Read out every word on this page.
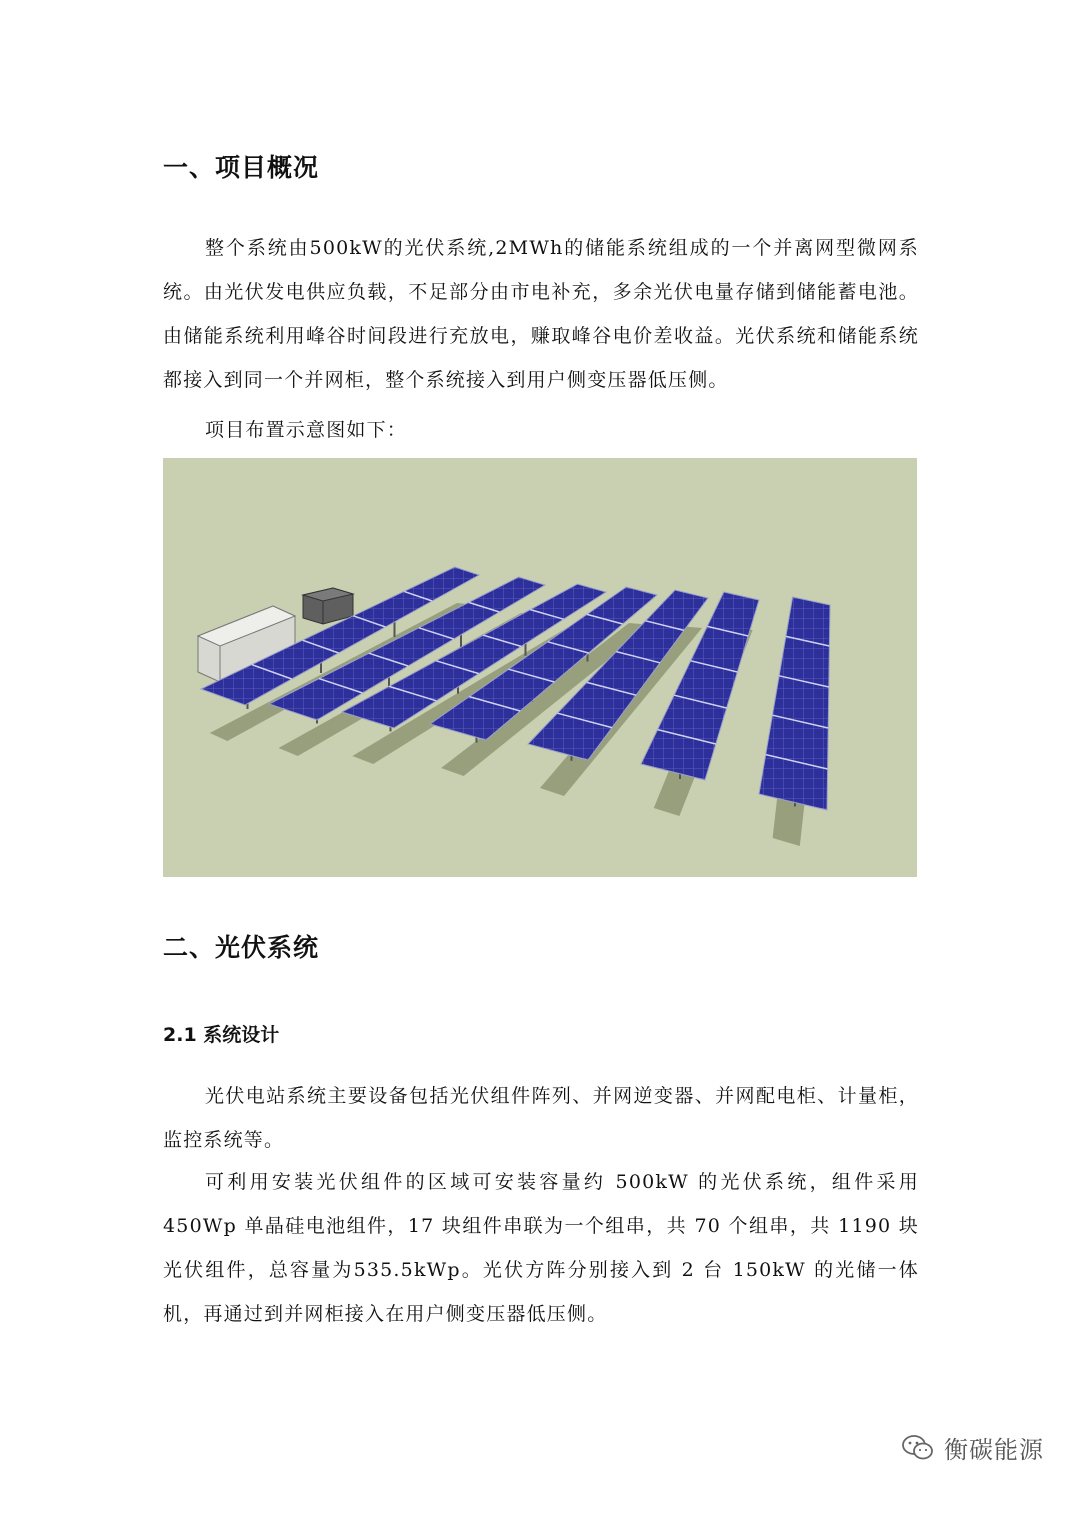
一、项目概况

整个系统由500kW的光伏系统,2MWh的储能系统组成的一个并离网型微网系统。由光伏发电供应负载，不足部分由市电补充，多余光伏电量存储到储能蓄电池。由储能系统利用峰谷时间段进行充放电，赚取峰谷电价差收益。光伏系统和储能系统都接入到同一个并网柜，整个系统接入到用户侧变压器低压侧。

项目布置示意图如下：

二、光伏系统
2.1 系统设计

光伏电站系统主要设备包括光伏组件阵列、并网逆变器、并网配电柜、计量柜，监控系统等。

可利用安装光伏组件的区域可安装容量约 500kW 的光伏系统，组件采用 450Wp 单晶硅电池组件，17 块组件串联为一个组串，共 70 个组串，共 1190 块光伏组件，总容量为535.5kWp。光伏方阵分别接入到 2 台 150kW 的光储一体机，再通过到并网柜接入在用户侧变压器低压侧。

衡碳能源
